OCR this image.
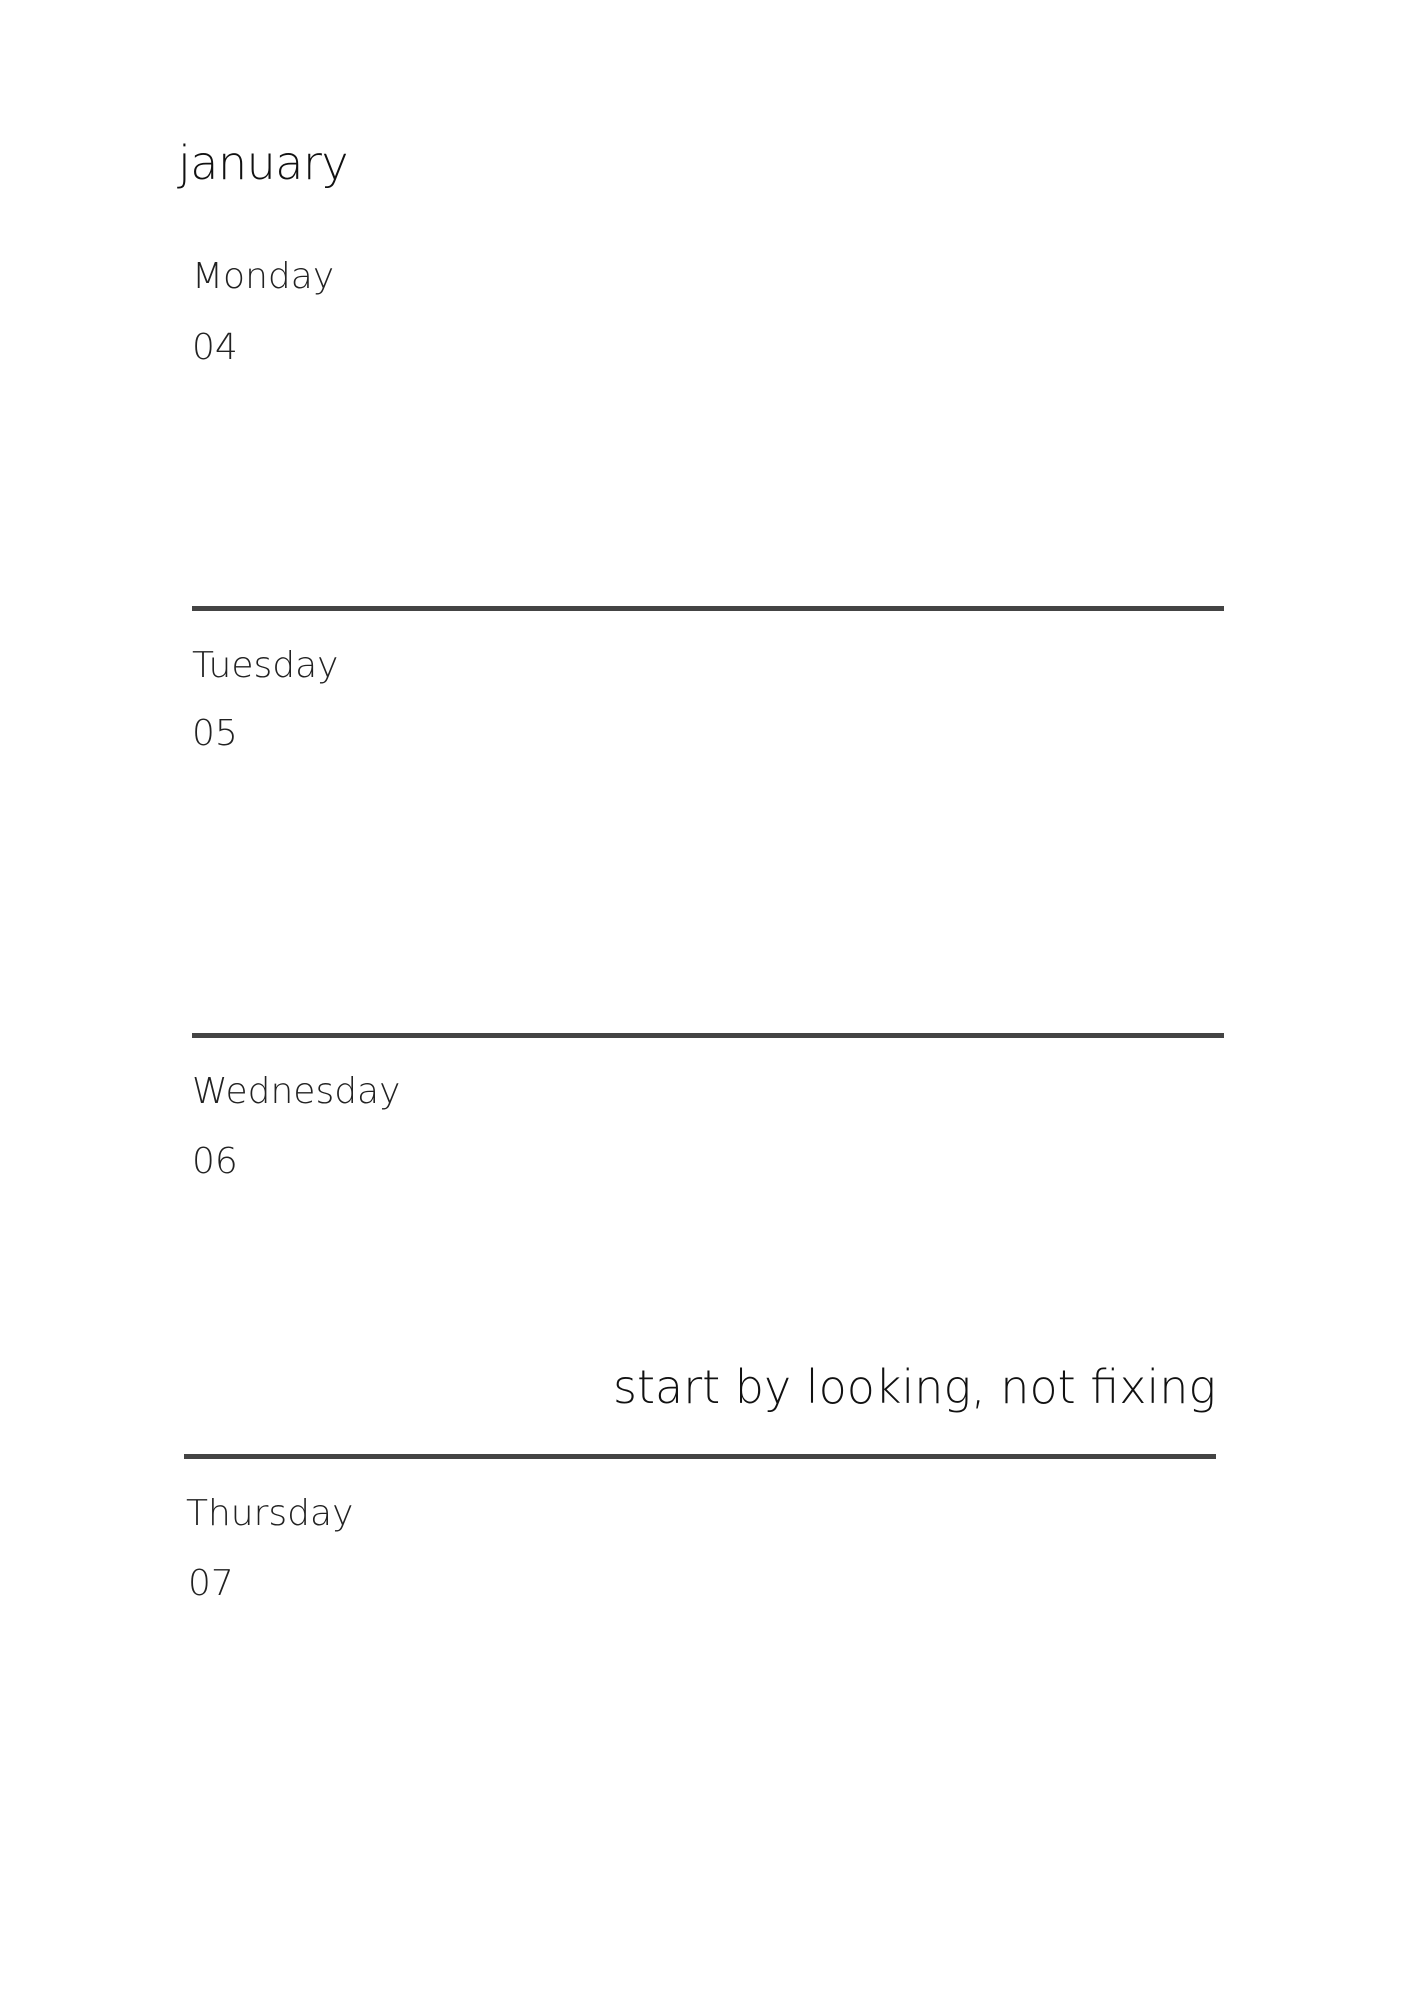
january
Monday
04
Tuesday
05
Wednesday
06
start by looking, not fixing
Thursday
07
